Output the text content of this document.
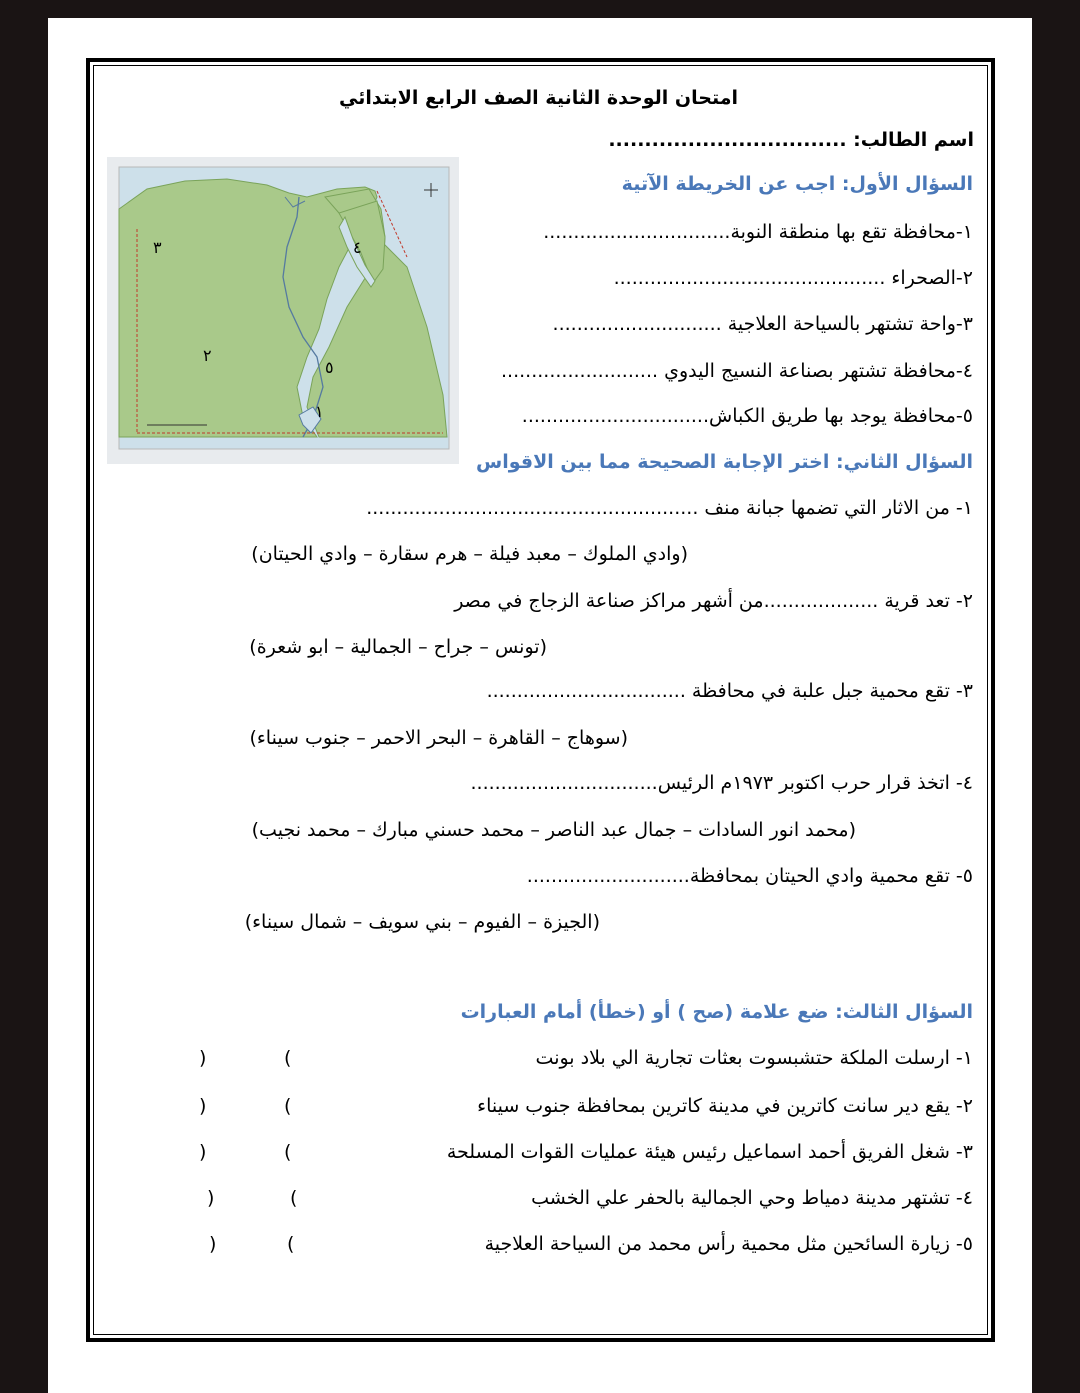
امتحان الوحدة الثانية الصف الرابع الابتدائي
اسم الطالب: .................................
٣	٤
٢
٥
١
السؤال الأول: اجب عن الخريطة الآتية
١-محافظة تقع بها منطقة النوبة...............................
٢-الصحراء .............................................
٣-واحة تشتهر بالسياحة العلاجية ............................
٤-محافظة تشتهر بصناعة النسيج اليدوي ..........................
٥-محافظة يوجد بها طريق الكباش...............................
السؤال الثاني: اختر الإجابة الصحيحة مما بين الاقواس
١- من الاثار التي تضمها جبانة منف .......................................................
(وادي الملوك – معبد فيلة – هرم سقارة – وادي الحيتان)
٢- تعد قرية ...................من أشهر مراكز صناعة الزجاج في مصر
(تونس – جراح – الجمالية – ابو شعرة)
٣- تقع محمية جبل علبة في محافظة .................................
(سوهاج – القاهرة – البحر الاحمر – جنوب سيناء)
٤- اتخذ قرار حرب اكتوبر ١٩٧٣م الرئيس...............................
(محمد انور السادات – جمال عبد الناصر – محمد حسني مبارك – محمد نجيب)
٥- تقع محمية وادي الحيتان بمحافظة...........................
(الجيزة – الفيوم – بني سويف – شمال سيناء)
السؤال الثالث: ضع علامة (صح ) أو (خطأ) أمام العبارات
١- ارسلت الملكة حتشبسوت بعثات تجارية الي بلاد بونت
(
)
٢- يقع دير سانت كاترين في مدينة كاترين بمحافظة جنوب سيناء
(
)
٣- شغل الفريق أحمد اسماعيل رئيس هيئة عمليات القوات المسلحة
(
)
٤- تشتهر مدينة دمياط وحي الجمالية بالحفر علي الخشب
(
)
٥- زيارة السائحين مثل محمية رأس محمد من السياحة العلاجية
(
)
